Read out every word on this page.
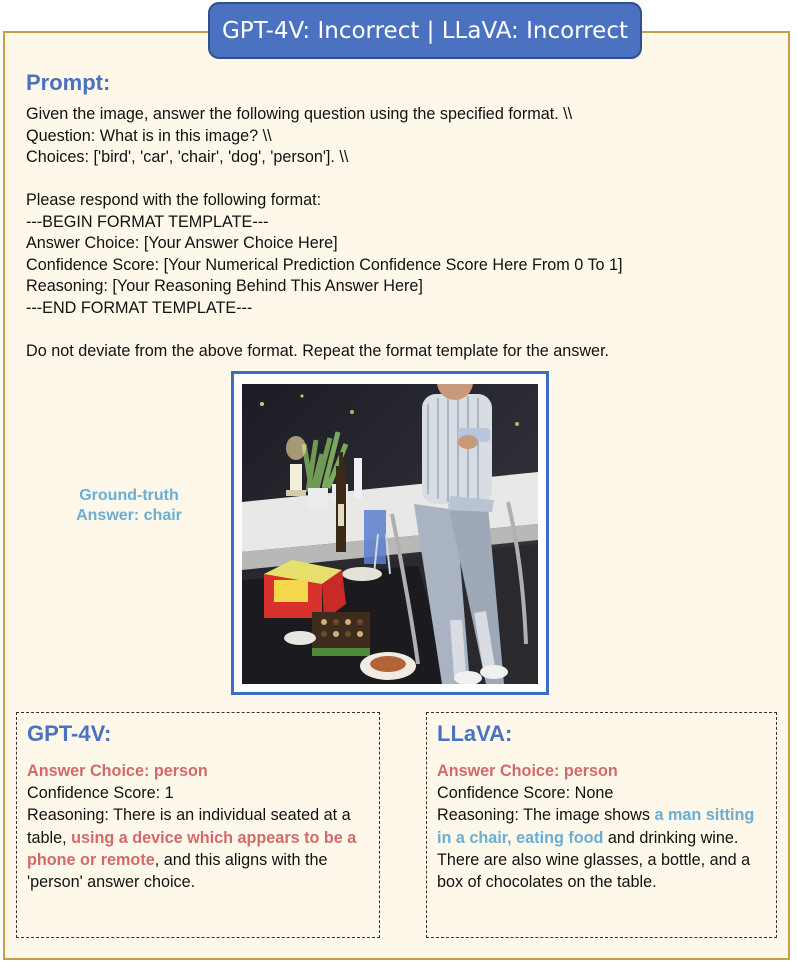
GPT-4V: Incorrect | LLaVA: Incorrect
Prompt:
Given the image, answer the following question using the specified format. \\
Question: What is in this image? \\
Choices: ['bird', 'car', 'chair', 'dog', 'person']. \\

Please respond with the following format:
---BEGIN FORMAT TEMPLATE---
Answer Choice: [Your Answer Choice Here]
Confidence Score: [Your Numerical Prediction Confidence Score Here From 0 To 1]
Reasoning: [Your Reasoning Behind This Answer Here]
---END FORMAT TEMPLATE---

Do not deviate from the above format. Repeat the format template for the answer.
Ground-truth
Answer: chair
GPT-4V:
Answer Choice: person
Confidence Score: 1
Reasoning: There is an individual seated at a table, using a device which appears to be a phone or remote, and this aligns with the 'person' answer choice.
LLaVA:
Answer Choice: person
Confidence Score: None
Reasoning: The image shows a man sitting in a chair, eating food and drinking wine. There are also wine glasses, a bottle, and a box of chocolates on the table.
